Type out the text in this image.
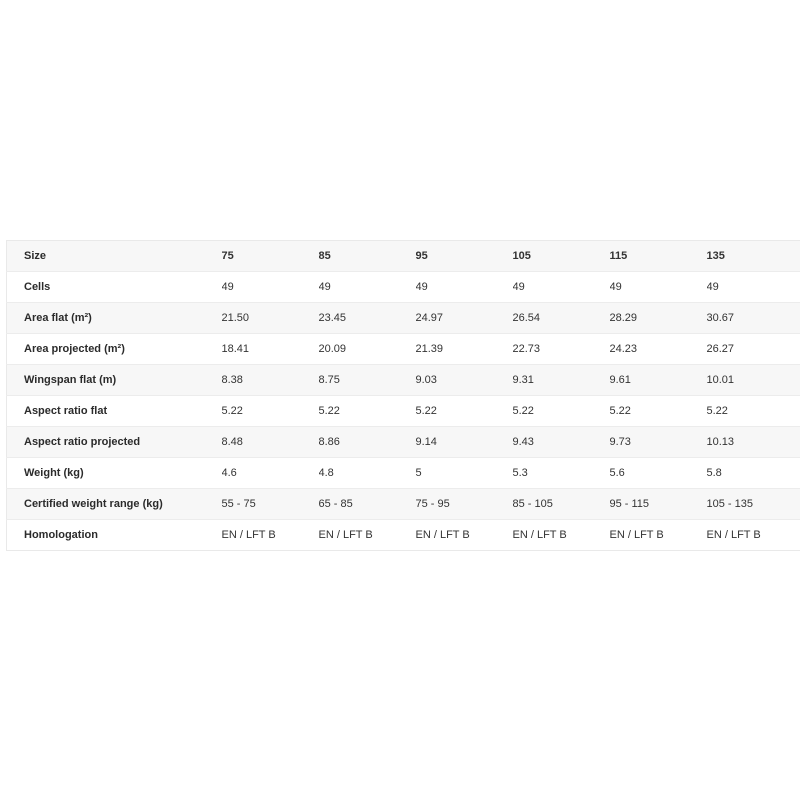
Size	75	85	95	105	115	135
Cells	49	49	49	49	49	49
Area flat (m²)	21.50	23.45	24.97	26.54	28.29	30.67
Area projected (m²)	18.41	20.09	21.39	22.73	24.23	26.27
Wingspan flat (m)	8.38	8.75	9.03	9.31	9.61	10.01
Aspect ratio flat	5.22	5.22	5.22	5.22	5.22	5.22
Aspect ratio projected	8.48	8.86	9.14	9.43	9.73	10.13
Weight (kg)	4.6	4.8	5	5.3	5.6	5.8
Certified weight range (kg)	55 - 75	65 - 85	75 - 95	85 - 105	95 - 115	105 - 135
Homologation	EN / LFT B	EN / LFT B	EN / LFT B	EN / LFT B	EN / LFT B	EN / LFT B
